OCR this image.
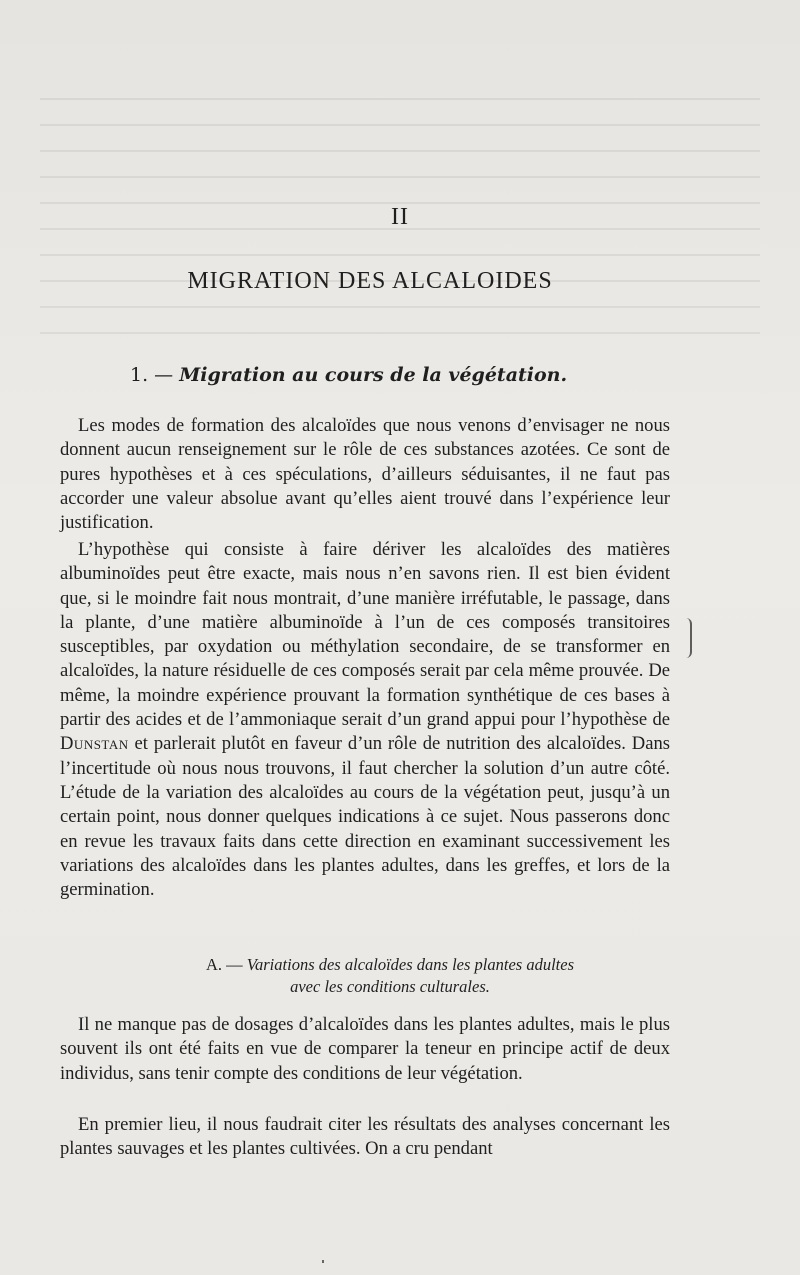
II
MIGRATION DES ALCALOIDES
1. — Migration au cours de la végétation.

Les modes de formation des alcaloïdes que nous venons d’envisager ne nous donnent aucun renseignement sur le rôle de ces substances azotées. Ce sont de pures hypothèses et à ces spéculations, d’ailleurs séduisantes, il ne faut pas accorder une valeur absolue avant qu’elles aient trouvé dans l’expérience leur justification.

L’hypothèse qui consiste à faire dériver les alcaloïdes des matières albuminoïdes peut être exacte, mais nous n’en savons rien. Il est bien évident que, si le moindre fait nous montrait, d’une manière irréfutable, le passage, dans la plante, d’une matière albuminoïde à l’un de ces composés transitoires susceptibles, par oxydation ou méthylation secondaire, de se transformer en alcaloïdes, la nature résiduelle de ces composés serait par cela même prouvée. De même, la moindre expérience prouvant la formation synthétique de ces bases à partir des acides et de l’ammoniaque serait d’un grand appui pour l’hypothèse de Dunstan et parlerait plutôt en faveur d’un rôle de nutrition des alcaloïdes. Dans l’incertitude où nous nous trouvons, il faut chercher la solution d’un autre côté. L’étude de la variation des alcaloïdes au cours de la végétation peut, jusqu’à un certain point, nous donner quelques indications à ce sujet. Nous passerons donc en revue les travaux faits dans cette direction en examinant successivement les variations des alcaloïdes dans les plantes adultes, dans les greffes, et lors de la germination.

A. — Variations des alcaloïdes dans les plantes adultes
avec les conditions culturales.

Il ne manque pas de dosages d’alcaloïdes dans les plantes adultes, mais le plus souvent ils ont été faits en vue de comparer la teneur en principe actif de deux individus, sans tenir compte des conditions de leur végétation.

En premier lieu, il nous faudrait citer les résultats des analyses concernant les plantes sauvages et les plantes cultivées. On a cru pendant
